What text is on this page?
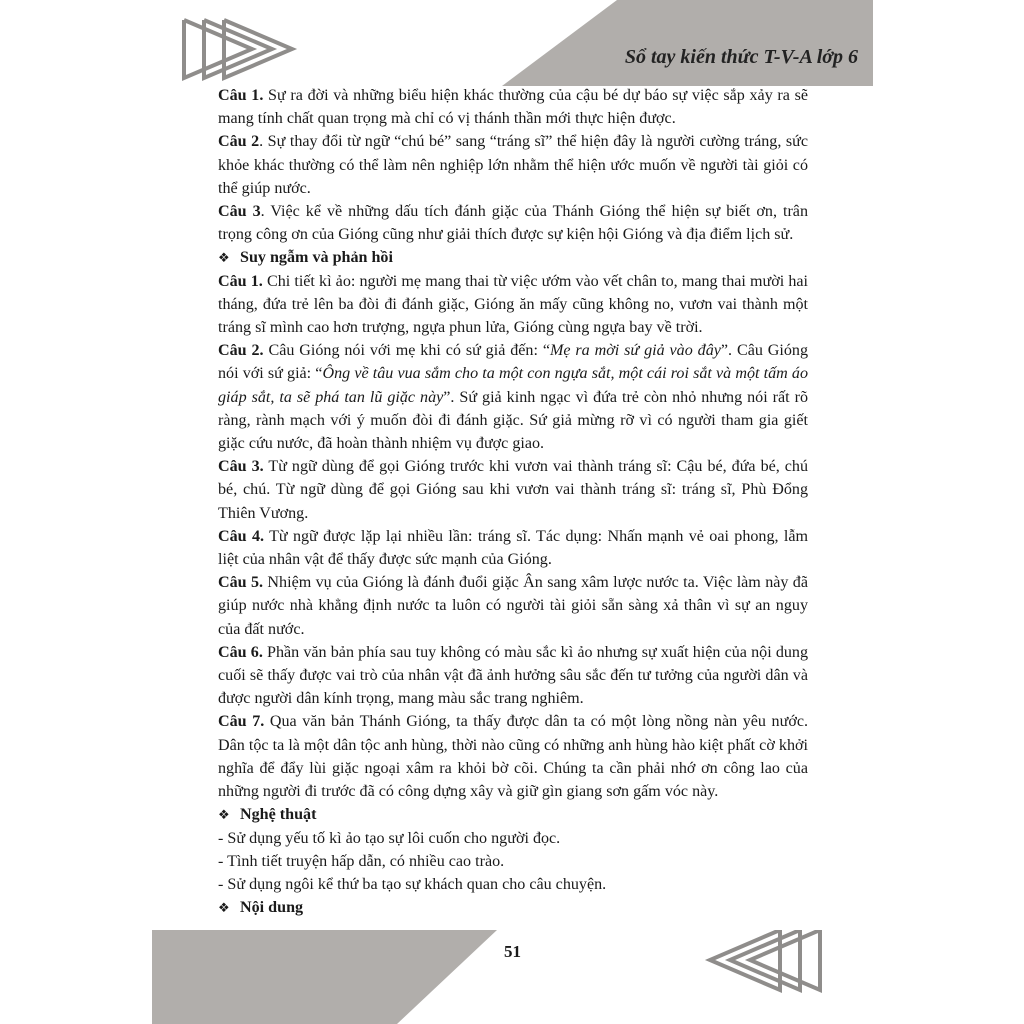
Sổ tay kiến thức T-V-A lớp 6

Câu 1. Sự ra đời và những biểu hiện khác thường của cậu bé dự báo sự việc sắp xảy ra sẽ mang tính chất quan trọng mà chỉ có vị thánh thần mới thực hiện được.

Câu 2. Sự thay đổi từ ngữ “chú bé” sang “tráng sĩ” thể hiện đây là người cường tráng, sức khỏe khác thường có thể làm nên nghiệp lớn nhằm thể hiện ước muốn về người tài giỏi có thể giúp nước.

Câu 3. Việc kể về những dấu tích đánh giặc của Thánh Gióng thể hiện sự biết ơn, trân trọng công ơn của Gióng cũng như giải thích được sự kiện hội Gióng và địa điểm lịch sử.

❖ Suy ngẫm và phản hồi

Câu 1. Chi tiết kì ảo: người mẹ mang thai từ việc ướm vào vết chân to, mang thai mười hai tháng, đứa trẻ lên ba đòi đi đánh giặc, Gióng ăn mấy cũng không no, vươn vai thành một tráng sĩ mình cao hơn trượng, ngựa phun lửa, Gióng cùng ngựa bay về trời.

Câu 2. Câu Gióng nói với mẹ khi có sứ giả đến: “Mẹ ra mời sứ giả vào đây”. Câu Gióng nói với sứ giả: “Ông về tâu vua sắm cho ta một con ngựa sắt, một cái roi sắt và một tấm áo giáp sắt, ta sẽ phá tan lũ giặc này”. Sứ giả kinh ngạc vì đứa trẻ còn nhỏ nhưng nói rất rõ ràng, rành mạch với ý muốn đòi đi đánh giặc. Sứ giả mừng rỡ vì có người tham gia giết giặc cứu nước, đã hoàn thành nhiệm vụ được giao.

Câu 3. Từ ngữ dùng để gọi Gióng trước khi vươn vai thành tráng sĩ: Cậu bé, đứa bé, chú bé, chú. Từ ngữ dùng để gọi Gióng sau khi vươn vai thành tráng sĩ: tráng sĩ, Phù Đổng Thiên Vương.

Câu 4. Từ ngữ được lặp lại nhiều lần: tráng sĩ. Tác dụng: Nhấn mạnh vẻ oai phong, lẫm liệt của nhân vật để thấy được sức mạnh của Gióng.

Câu 5. Nhiệm vụ của Gióng là đánh đuổi giặc Ân sang xâm lược nước ta. Việc làm này đã giúp nước nhà khẳng định nước ta luôn có người tài giỏi sẵn sàng xả thân vì sự an nguy của đất nước.

Câu 6. Phần văn bản phía sau tuy không có màu sắc kì ảo nhưng sự xuất hiện của nội dung cuối sẽ thấy được vai trò của nhân vật đã ảnh hưởng sâu sắc đến tư tưởng của người dân và được người dân kính trọng, mang màu sắc trang nghiêm.

Câu 7. Qua văn bản Thánh Gióng, ta thấy được dân ta có một lòng nồng nàn yêu nước. Dân tộc ta là một dân tộc anh hùng, thời nào cũng có những anh hùng hào kiệt phất cờ khởi nghĩa để đẩy lùi giặc ngoại xâm ra khỏi bờ cõi. Chúng ta cần phải nhớ ơn công lao của những người đi trước đã có công dựng xây và giữ gìn giang sơn gấm vóc này.

❖ Nghệ thuật

- Sử dụng yếu tố kì ảo tạo sự lôi cuốn cho người đọc.

- Tình tiết truyện hấp dẫn, có nhiều cao trào.

- Sử dụng ngôi kể thứ ba tạo sự khách quan cho câu chuyện.

❖ Nội dung

51
